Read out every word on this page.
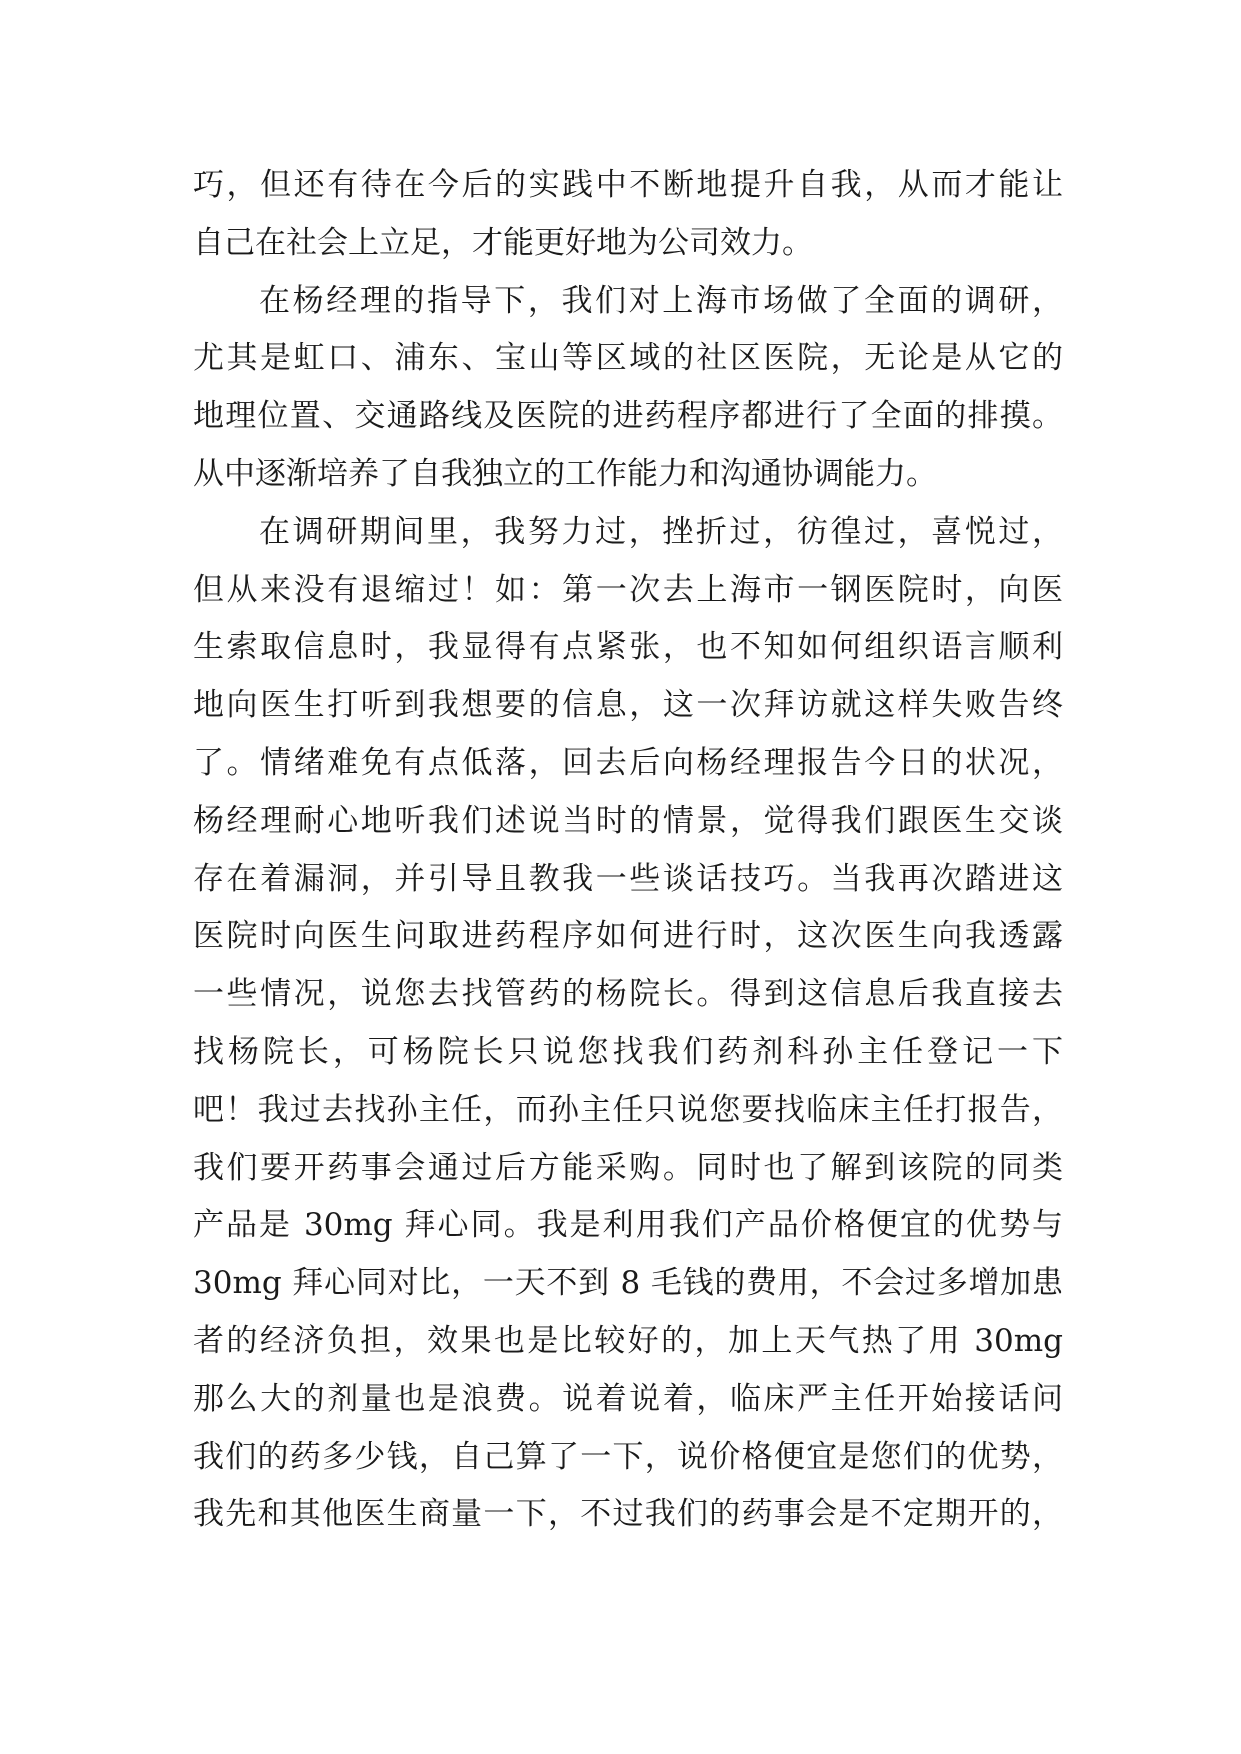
巧，但还有待在今后的实践中不断地提升自我，从而才能让
自己在社会上立足，才能更好地为公司效力。
在杨经理的指导下，我们对上海市场做了全面的调研，
尤其是虹口、浦东、宝山等区域的社区医院，无论是从它的
地理位置、交通路线及医院的进药程序都进行了全面的排摸。
从中逐渐培养了自我独立的工作能力和沟通协调能力。
在调研期间里，我努力过，挫折过，彷徨过，喜悦过，
但从来没有退缩过！如：第一次去上海市一钢医院时，向医
生索取信息时，我显得有点紧张，也不知如何组织语言顺利
地向医生打听到我想要的信息，这一次拜访就这样失败告终
了。情绪难免有点低落，回去后向杨经理报告今日的状况，
杨经理耐心地听我们述说当时的情景，觉得我们跟医生交谈
存在着漏洞，并引导且教我一些谈话技巧。当我再次踏进这
医院时向医生问取进药程序如何进行时，这次医生向我透露
一些情况，说您去找管药的杨院长。得到这信息后我直接去
找杨院长，可杨院长只说您找我们药剂科孙主任登记一下
吧！我过去找孙主任，而孙主任只说您要找临床主任打报告，
我们要开药事会通过后方能采购。同时也了解到该院的同类
产品是 30mg 拜心同。我是利用我们产品价格便宜的优势与
30mg 拜心同对比，一天不到 8 毛钱的费用，不会过多增加患
者的经济负担，效果也是比较好的，加上天气热了用 30mg
那么大的剂量也是浪费。说着说着，临床严主任开始接话问
我们的药多少钱，自己算了一下，说价格便宜是您们的优势，
我先和其他医生商量一下，不过我们的药事会是不定期开的，
